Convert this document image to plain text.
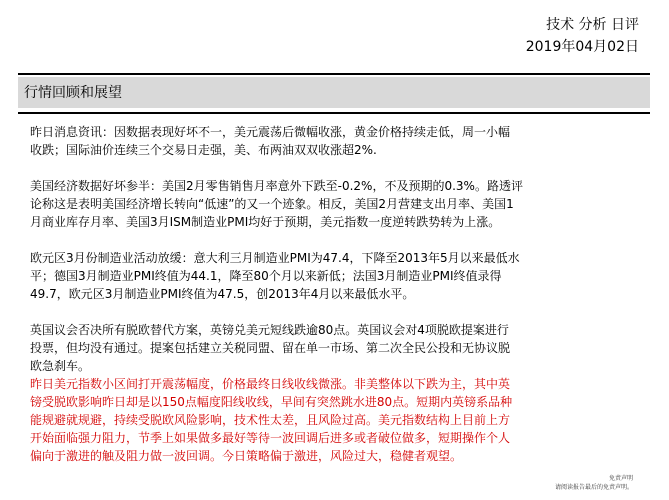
技术 分析 日评
2019年04月02日
行情回顾和展望

昨日消息资讯：因数据表现好坏不一，美元震荡后微幅收涨，黄金价格持续走低，周一小幅
收跌；国际油价连续三个交易日走强，美、布两油双双收涨超2%.

美国经济数据好坏参半：美国2月零售销售月率意外下跌至-0.2%，不及预期的0.3%。路透评
论称这是表明美国经济增长转向“低速”的又一个迹象。相反，美国2月营建支出月率、美国1
月商业库存月率、美国3月ISM制造业PMI均好于预期，美元指数一度逆转跌势转为上涨。

欧元区3月份制造业活动放缓：意大利三月制造业PMI为47.4，下降至2013年5月以来最低水
平；德国3月制造业PMI终值为44.1，降至80个月以来新低；法国3月制造业PMI终值录得
49.7，欧元区3月制造业PMI终值为47.5，创2013年4月以来最低水平。

英国议会否决所有脱欧替代方案，英镑兑美元短线跌逾80点。英国议会对4项脱欧提案进行
投票，但均没有通过。提案包括建立关税同盟、留在单一市场、第二次全民公投和无协议脱
欧急刹车。

昨日美元指数小区间打开震荡幅度，价格最终日线收线微涨。非美整体以下跌为主，其中英
镑受脱欧影响昨日却是以150点幅度阳线收线，早间有突然跳水进80点。短期内英镑系品种
能规避就规避，持续受脱欧风险影响，技术性太差，且风险过高。美元指数结构上目前上方
开始面临强力阻力，节季上如果做多最好等待一波回调后进多或者破位做多，短期操作个人
偏向于激进的触及阻力做一波回调。今日策略偏于激进，风险过大，稳健者观望。

免责声明
请阅读报告最后的免责声明。
